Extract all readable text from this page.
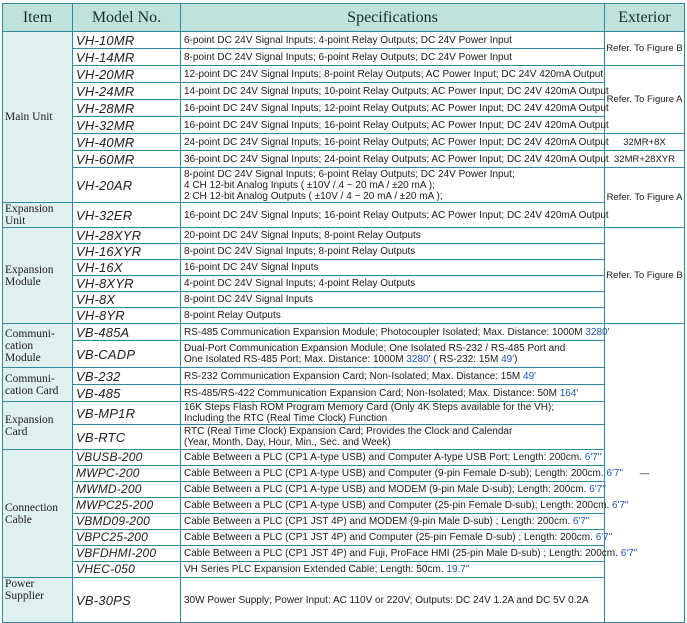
Item	Model No.	Specifications	Exterior	
Main Unit	VH-10MR	6-point DC 24V Signal Inputs; 4-point Relay Outputs; DC 24V Power Input	Refer. To Figure B	
	VH-14MR	8-point DC 24V Signal Inputs; 6-point Relay Outputs; DC 24V Power Input		
	VH-20MR	12-point DC 24V Signal Inputs; 8-point Relay Outputs; AC Power Input; DC 24V 420mA Output	Refer. To Figure A	
	VH-24MR	14-point DC 24V Signal Inputs; 10-point Relay Outputs; AC Power Input; DC 24V 420mA Output		
	VH-28MR	16-point DC 24V Signal Inputs; 12-point Relay Outputs; AC Power Input; DC 24V 420mA Output		
	VH-32MR	16-point DC 24V Signal Inputs; 16-point Relay Outputs; AC Power Input; DC 24V 420mA Output		
	VH-40MR	24-point DC 24V Signal Inputs; 16-point Relay Outputs; AC Power Input; DC 24V 420mA Output	32MR+8X	
	VH-60MR	36-point DC 24V Signal Inputs; 24-point Relay Outputs; AC Power Input; DC 24V 420mA Output	32MR+28XYR	
	VH-20AR	8-point DC 24V Signal Inputs; 6-point Relay Outputs; DC 24V Power Input;
4 CH 12-bit Analog Inputs ( ±10V / 4 ~ 20 mA / ±20 mA );
2 CH 12-bit Analog Outputs ( ±10V / 4 ~ 20 mA / ±20 mA );	Refer. To Figure A	
Expansion Unit	VH-32ER	16-point DC 24V Signal Inputs; 16-point Relay Outputs; AC Power Input; DC 24V 420mA Output		
Expansion Module	VH-28XYR	20-point DC 24V Signal Inputs; 8-point Relay Outputs	Refer. To Figure B	
	VH-16XYR	8-point DC 24V Signal Inputs; 8-point Relay Outputs		
	VH-16X	16-point DC 24V Signal Inputs		
	VH-8XYR	4-point DC 24V Signal Inputs; 4-point Relay Outputs		
	VH-8X	8-point DC 24V Signal Inputs		
	VH-8YR	8-point Relay Outputs		
Communi-cation Module	VB-485A	RS-485 Communication Expansion Module; Photocoupler Isolated; Max. Distance: 1000M 3280'	—	
	VB-CADP	Dual-Port Communication Expansion Module; One Isolated RS-232 / RS-485 Port and
One Isolated RS-485 Port; Max. Distance: 1000M 3280' ( RS-232: 15M 49')		

Communi-cation Card	VB-232	RS-232 Communication Expansion Card; Non-Isolated; Max. Distance: 15M 49'		
	VB-485	RS-485/RS-422 Communication Expansion Card; Non-Isolated; Max. Distance: 50M 164'		
Expansion Card	VB-MP1R	16K Steps Flash ROM Program Memory Card (Only 4K Steps available for the VH);
Including the RTC (Real Time Clock) Function		

	VB-RTC	RTC (Real Time Clock) Expansion Card; Provides the Clock and Calendar
(Year, Month, Day, Hour, Min., Sec. and Week)		

Connection Cable	VBUSB-200	Cable Between a PLC (CP1 A-type USB) and Computer A-type USB Port; Length: 200cm. 6'7"		
	MWPC-200	Cable Between a PLC (CP1 A-type USB) and Computer (9-pin Female D-sub); Length: 200cm. 6'7"		
	MWMD-200	Cable Between a PLC (CP1 A-type USB) and MODEM (9-pin Male D-sub); Length: 200cm. 6'7"		
	MWPC25-200	Cable Between a PLC (CP1 A-type USB) and Computer (25-pin Female D-sub); Length: 200cm. 6'7"		
	VBMD09-200	Cable Between a PLC (CP1 JST 4P) and MODEM (9-pin Male D-sub) ; Length: 200cm. 6'7"		
	VBPC25-200	Cable Between a PLC (CP1 JST 4P) and Computer (25-pin Female D-sub) ; Length: 200cm. 6'7"		
	VBFDHMI-200	Cable Between a PLC (CP1 JST 4P) and Fuji, ProFace HMI (25-pin Male D-sub) ; Length: 200cm. 6'7"		
	VHEC-050	VH Series PLC Expansion Extended Cable; Length: 50cm. 19.7"		
Power Supplier	VB-30PS	30W Power Supply; Power Input: AC 110V or 220V; Outputs: DC 24V 1.2A and DC 5V 0.2A	
